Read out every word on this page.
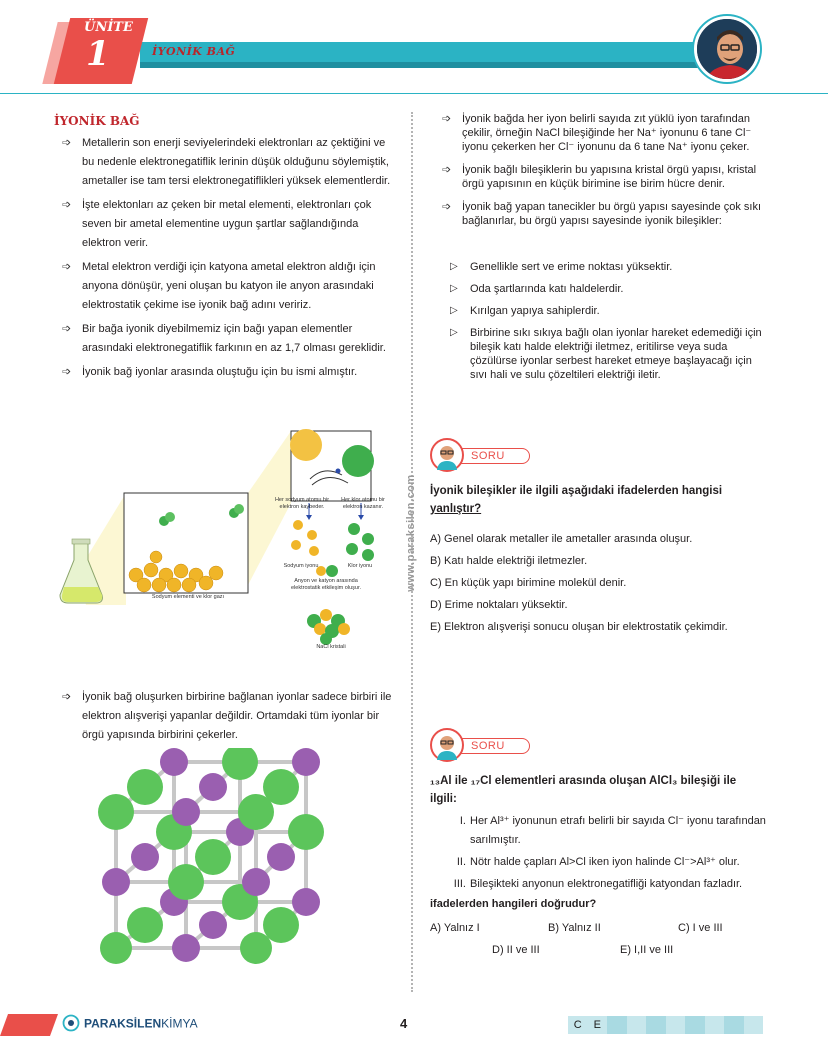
ÜNİTE
1	İYONİK BAĞ
www.paraksilen.com
İYONİK BAĞ
➩ Metallerin son enerji seviyelerindeki elektronları az çektiğini ve bu nedenle elektronegatiflik lerinin düşük olduğunu söylemiştik, ametaller ise tam tersi elektronegatiflikleri yüksek elementlerdir.
➩ İşte elektonları az çeken bir metal elementi, elektronları çok seven bir ametal elementine uygun şartlar sağlandığında elektron verir.
➩ Metal elektron verdiği için katyona ametal elektron aldığı için anyona dönüşür, yeni oluşan bu katyon ile anyon arasındaki elektrostatik çekime ise iyonik bağ adını veririz.
➩ Bir bağa iyonik diyebilmemiz için bağı yapan elementler arasındaki elektronegatiflik farkının en az 1,7 olması gereklidir.
➩ İyonik bağ iyonlar arasında oluştuğu için bu ismi almıştır.
Sodyum elementi ve klor gazı
Her sodyum atomu bir elektron kaybeder.
Her klor atomu bir elektron kazanır.
Sodyum iyonu	Klor iyonu
Anyon ve katyon arasında elektrostatik etkileşim oluşur.
NaCl kristali
➩ İyonik bağ oluşurken birbirine bağlanan iyonlar sadece birbiri ile elektron alışverişi yapanlar değildir. Ortamdaki tüm iyonlar bir örgü yapısında birbirini çekerler.
➩ İyonik bağda her iyon belirli sayıda zıt yüklü iyon tarafından çekilir, örneğin NaCl bileşiğinde her Na⁺ iyonunu 6 tane Cl⁻ iyonu çekerken her Cl⁻ iyonunu da 6 tane Na⁺ iyonu çeker.
➩ İyonik bağlı bileşiklerin bu yapısına kristal örgü yapısı, kristal örgü yapısının en küçük birimine ise birim hücre denir.
➩ İyonik bağ yapan tanecikler bu örgü yapısı sayesinde çok sıkı bağlanırlar, bu örgü yapısı sayesinde iyonik bileşikler:
▷ Genellikle sert ve erime noktası yüksektir.
▷ Oda şartlarında katı haldelerdir.
▷ Kırılgan yapıya sahiplerdir.
▷ Birbirine sıkı sıkıya bağlı olan iyonlar hareket edemediği için bileşik katı halde elektriği iletmez, eritilirse veya suda çözülürse iyonlar serbest hareket etmeye başlayacağı için sıvı hali ve sulu çözeltileri elektriği iletir.
SORU
İyonik bileşikler ile ilgili aşağıdaki ifadelerden hangisi
yanlıştır?
A) Genel olarak metaller ile ametaller arasında oluşur.
B) Katı halde elektriği iletmezler.
C) En küçük yapı birimine molekül denir.
D) Erime noktaları yüksektir.
E) Elektron alışverişi sonucu oluşan bir elektrostatik çekimdir.
SORU
₁₃Al ile ₁₇Cl elementleri arasında oluşan AlCl₃ bileşiği ile
ilgili:
I. Her Al³⁺ iyonunun etrafı belirli bir sayıda Cl⁻ iyonu tarafından sarılmıştır.
II. Nötr halde çapları Al>Cl iken iyon halinde Cl⁻>Al³⁺ olur.
III. Bileşikteki anyonun elektronegatifliği katyondan fazladır.
ifadelerden hangileri doğrudur?
A) Yalnız I	B) Yalnız II	C) I ve III
D) II ve III	E) I,II ve III
PARAKSİLENKİMYA	4	C	E
